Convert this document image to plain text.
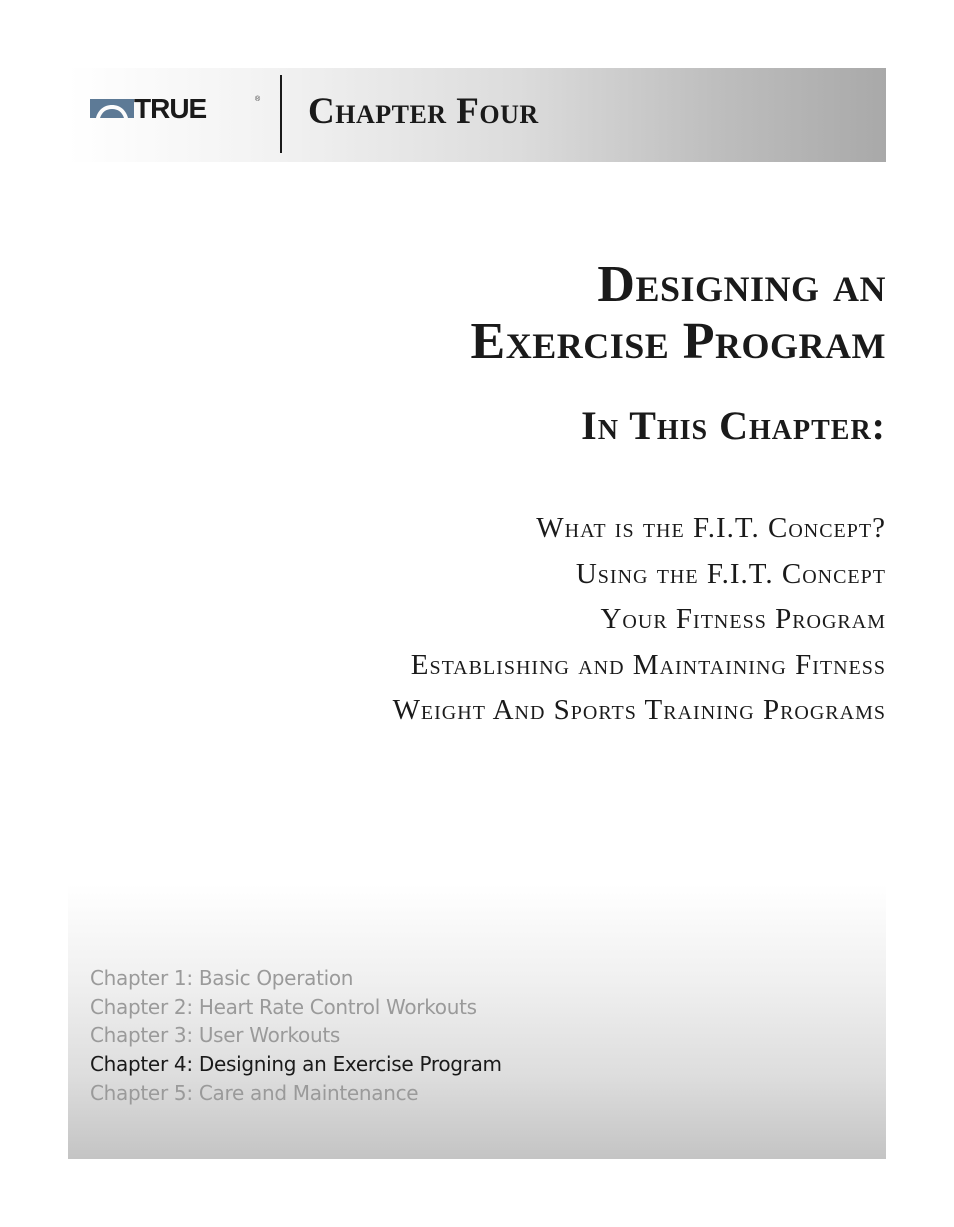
TRUE	® Chapter Four
Designing an
Exercise Program
In This Chapter:
What is the F.I.T. Concept?
Using the F.I.T. Concept
Your Fitness Program
Establishing and Maintaining Fitness
Weight And Sports Training Programs
Chapter 1: Basic Operation
Chapter 2: Heart Rate Control Workouts
Chapter 3: User Workouts
Chapter 4: Designing an Exercise Program
Chapter 5: Care and Maintenance
